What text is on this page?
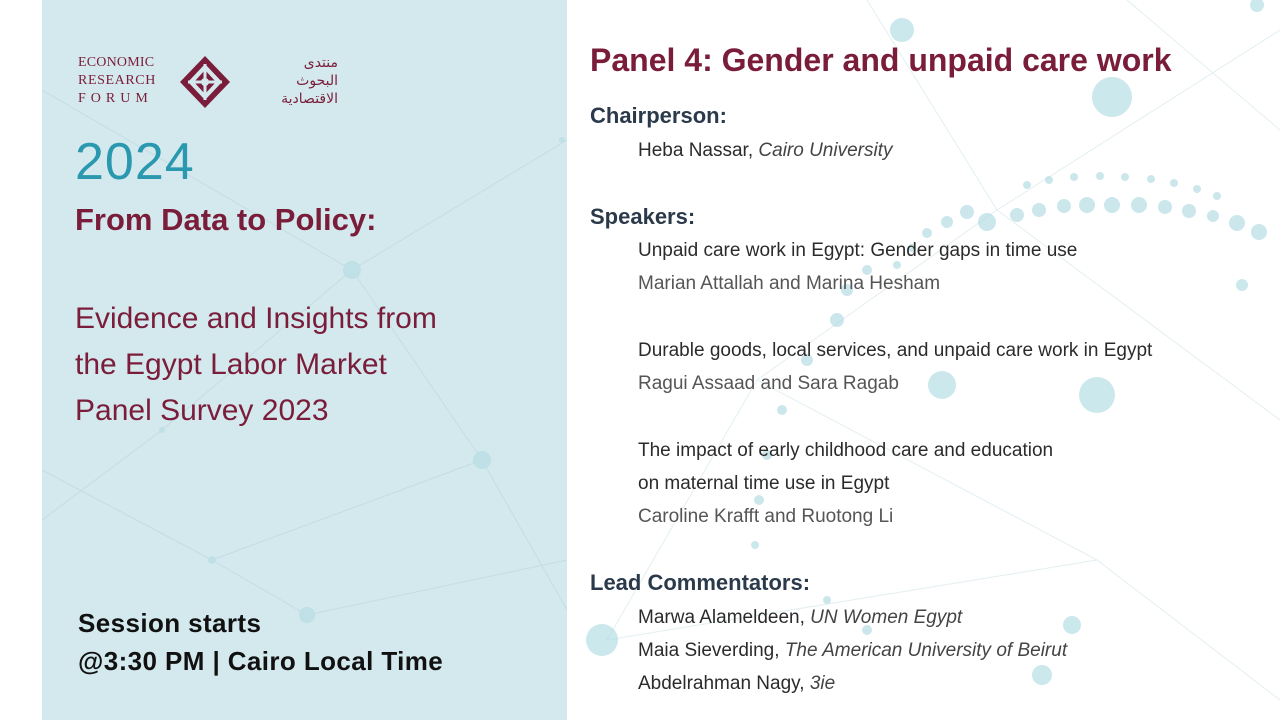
ECONOMIC
RESEARCH
FORUM
منتدى
البحوث
الاقتصادية
2024
From Data to Policy:
Evidence and Insights from
the Egypt Labor Market
Panel Survey 2023
Session starts
@3:30 PM | Cairo Local Time
Panel 4: Gender and unpaid care work
Chairperson:
Heba Nassar, Cairo University
Speakers:
Unpaid care work in Egypt: Gender gaps in time use
Marian Attallah and Marina Hesham
Durable goods, local services, and unpaid care work in Egypt
Ragui Assaad and Sara Ragab
The impact of early childhood care and education
on maternal time use in Egypt
Caroline Krafft and Ruotong Li
Lead Commentators:
Marwa Alameldeen, UN Women Egypt
Maia Sieverding, The American University of Beirut
Abdelrahman Nagy, 3ie
